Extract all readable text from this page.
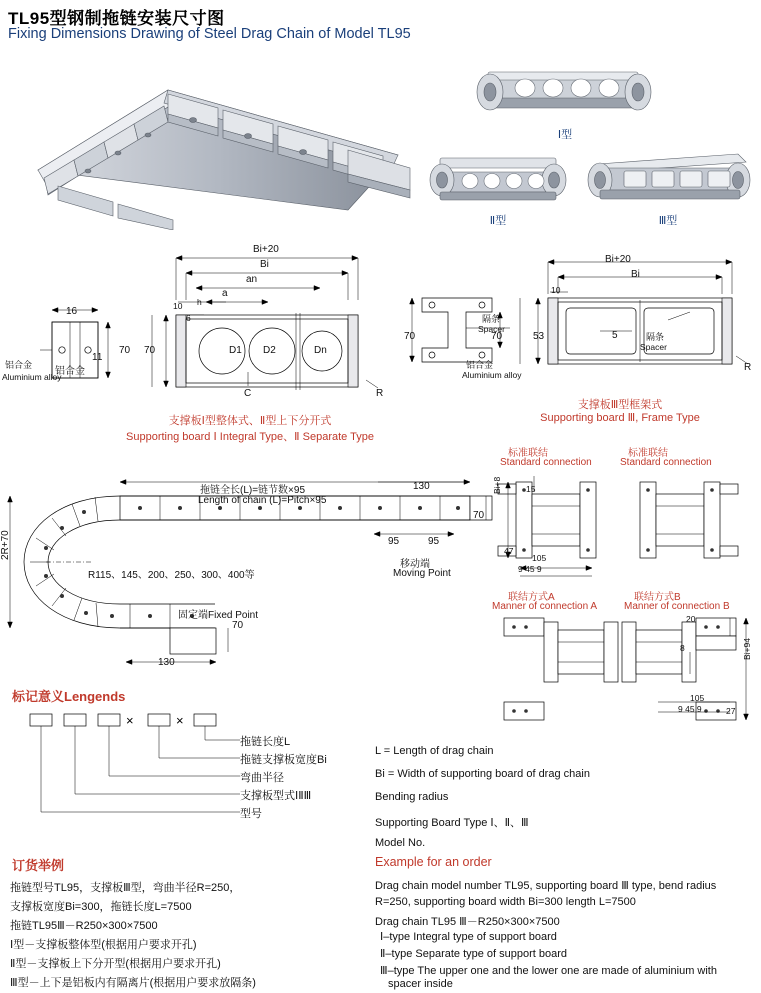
TL95型钢制拖链安装尺寸图
Fixing Dimensions Drawing of Steel Drag Chain of Model TL95
Ⅰ型
Ⅱ型	Ⅲ型
Bi+20
Bi
an
a
h
10
6
16
11
铝合金
铝合金
Aluminium alloy
70 70	D1 D2	Dn
C	R
支撑板Ⅰ型整体式、Ⅱ型上下分开式
Supporting board Ⅰ Integral Type、Ⅱ Separate Type
Bi+20
Bi
10
70	70	53
隔条
Spacer
隔条
Spacer
5
铝合金
Aluminium alloy
R
支撑板Ⅲ型框架式
Supporting board Ⅲ, Frame Type
拖链全长(L)=链节数×95
Length of chain (L)=Pitch×95
130
70
95	95
移动端
Moving Point
R115、145、200、250、300、400等
2R+70
固定端Fixed Point
70
130
标准联结
Standard connection
标准联结
Standard connection
Bi+8	15
105
9 45 9
47
联结方式A
Manner of connection A
联结方式B
Manner of connection B
20
8	Bi+94
105
9 45 9	27
标记意义Lengends
×	×
拖链长度L
拖链支撑板宽度Bi
弯曲半径
支撑板型式ⅠⅡⅢ
型号
L = Length of drag chain
Bi = Width of supporting board of drag chain
Bending radius
Supporting Board Type Ⅰ、Ⅱ、Ⅲ
Model No.
订货举例
拖链型号TL95，支撑板Ⅲ型，弯曲半径R=250，
支撑板宽度Bi=300，拖链长度L=7500
拖链TL95Ⅲ－R250×300×7500
Ⅰ型－支撑板整体型(根据用户要求开孔)
Ⅱ型－支撑板上下分开型(根据用户要求开孔)
Ⅲ型－上下是铝板内有隔离片(根据用户要求放隔条)
Example for an order
Drag chain model number TL95, supporting board Ⅲ type, bend radius
R=250, supporting board width Bi=300 length L=7500
Drag chain TL95 Ⅲ－R250×300×7500
Ⅰ–type Integral type of support board
Ⅱ–type Separate type of support board
Ⅲ–type The upper one and the lower one are made of aluminium with
spacer inside
